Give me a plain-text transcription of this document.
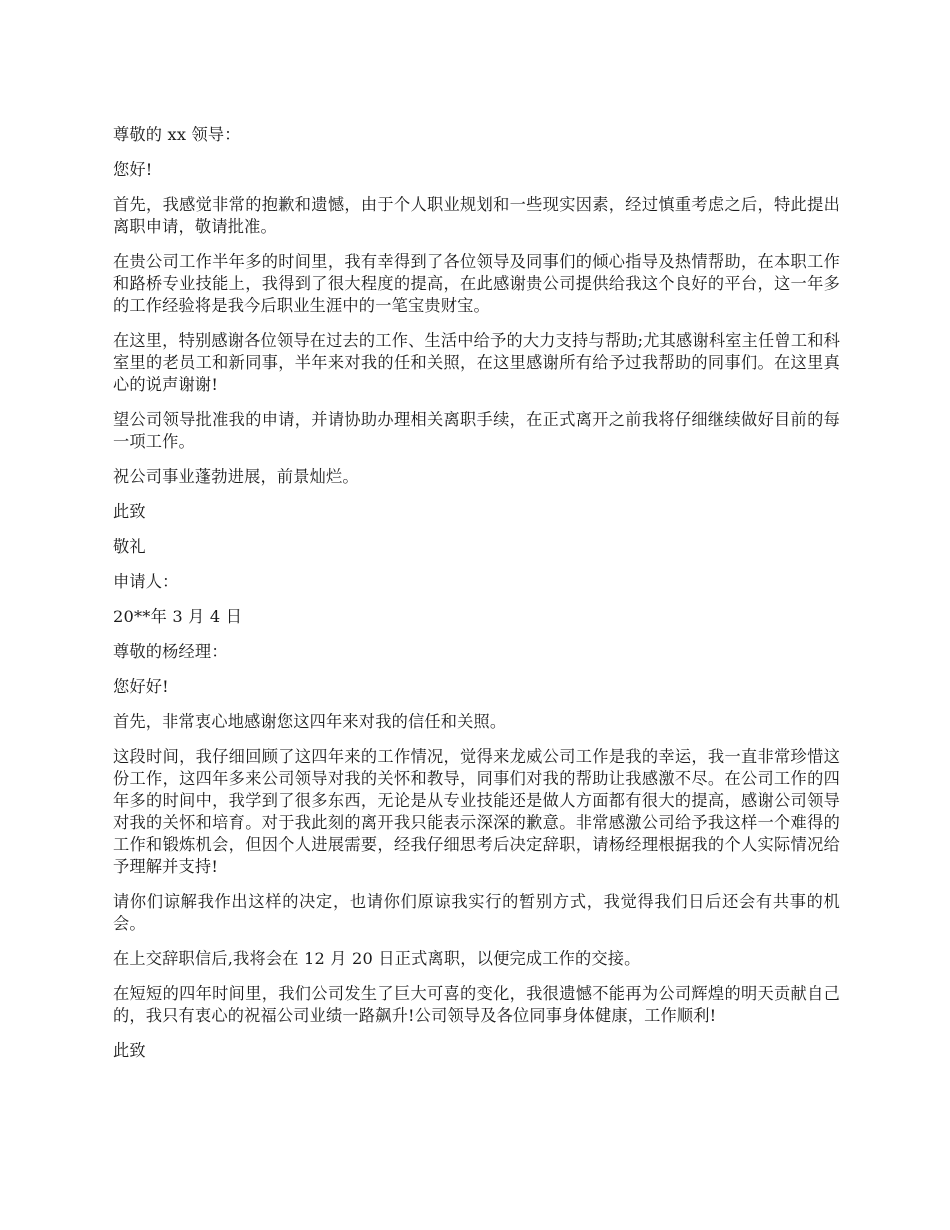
尊敬的 xx 领导：

您好!

首先，我感觉非常的抱歉和遗憾，由于个人职业规划和一些现实因素，经过慎重考虑之后，特此提出离职申请，敬请批准。

在贵公司工作半年多的时间里，我有幸得到了各位领导及同事们的倾心指导及热情帮助，在本职工作和路桥专业技能上，我得到了很大程度的提高，在此感谢贵公司提供给我这个良好的平台，这一年多的工作经验将是我今后职业生涯中的一笔宝贵财宝。

在这里，特别感谢各位领导在过去的工作、生活中给予的大力支持与帮助;尤其感谢科室主任曾工和科室里的老员工和新同事，半年来对我的任和关照，在这里感谢所有给予过我帮助的同事们。在这里真心的说声谢谢!

望公司领导批准我的申请，并请协助办理相关离职手续，在正式离开之前我将仔细继续做好目前的每一项工作。

祝公司事业蓬勃进展，前景灿烂。

此致

敬礼

申请人：

20**年 3 月 4 日

尊敬的杨经理：

您好好!

首先，非常衷心地感谢您这四年来对我的信任和关照。

这段时间，我仔细回顾了这四年来的工作情况，觉得来龙威公司工作是我的幸运，我一直非常珍惜这份工作，这四年多来公司领导对我的关怀和教导，同事们对我的帮助让我感激不尽。在公司工作的四年多的时间中，我学到了很多东西，无论是从专业技能还是做人方面都有很大的提高，感谢公司领导对我的关怀和培育。对于我此刻的离开我只能表示深深的歉意。非常感激公司给予我这样一个难得的工作和锻炼机会，但因个人进展需要，经我仔细思考后决定辞职，请杨经理根据我的个人实际情况给予理解并支持!

请你们谅解我作出这样的决定，也请你们原谅我实行的暂别方式，我觉得我们日后还会有共事的机会。

在上交辞职信后,我将会在 12 月 20 日正式离职，以便完成工作的交接。

在短短的四年时间里，我们公司发生了巨大可喜的变化，我很遗憾不能再为公司辉煌的明天贡献自己的，我只有衷心的祝福公司业绩一路飙升!公司领导及各位同事身体健康，工作顺利!

此致
